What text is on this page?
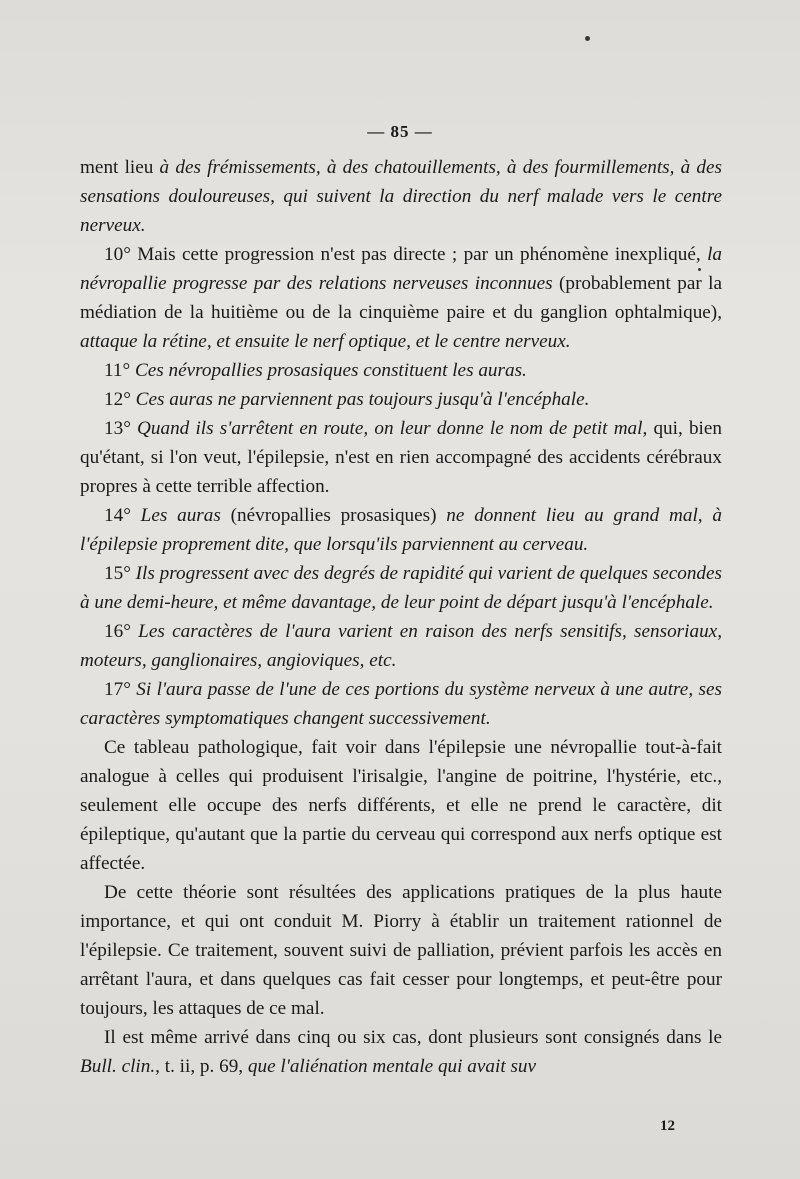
— 85 —

ment lieu à des frémissements, à des chatouillements, à des fourmillements, à des sensations douloureuses, qui suivent la direction du nerf malade vers le centre nerveux.

10° Mais cette progression n'est pas directe ; par un phénomène inexpliqué, la névropallie progresse par des relations nerveuses inconnues (probablement par la médiation de la huitième ou de la cinquième paire et du ganglion ophtalmique), attaque la rétine, et ensuite le nerf optique, et le centre nerveux.

11° Ces névropallies prosasiques constituent les auras.

12° Ces auras ne parviennent pas toujours jusqu'à l'encéphale.

13° Quand ils s'arrêtent en route, on leur donne le nom de petit mal, qui, bien qu'étant, si l'on veut, l'épilepsie, n'est en rien accompagné des accidents cérébraux propres à cette terrible affection.

14° Les auras (névropallies prosasiques) ne donnent lieu au grand mal, à l'épilepsie proprement dite, que lorsqu'ils parviennent au cerveau.

15° Ils progressent avec des degrés de rapidité qui varient de quelques secondes à une demi-heure, et même davantage, de leur point de départ jusqu'à l'encéphale.

16° Les caractères de l'aura varient en raison des nerfs sensitifs, sensoriaux, moteurs, ganglionaires, angioviques, etc.

17° Si l'aura passe de l'une de ces portions du système nerveux à une autre, ses caractères symptomatiques changent successivement.

Ce tableau pathologique, fait voir dans l'épilepsie une névropallie tout-à-fait analogue à celles qui produisent l'irisalgie, l'angine de poitrine, l'hystérie, etc., seulement elle occupe des nerfs différents, et elle ne prend le caractère, dit épileptique, qu'autant que la partie du cerveau qui correspond aux nerfs optique est affectée.

De cette théorie sont résultées des applications pratiques de la plus haute importance, et qui ont conduit M. Piorry à établir un traitement rationnel de l'épilepsie. Ce traitement, souvent suivi de palliation, prévient parfois les accès en arrêtant l'aura, et dans quelques cas fait cesser pour longtemps, et peut-être pour toujours, les attaques de ce mal.

Il est même arrivé dans cinq ou six cas, dont plusieurs sont consignés dans le Bull. clin., t. ii, p. 69, que l'aliénation mentale qui avait suv

12
